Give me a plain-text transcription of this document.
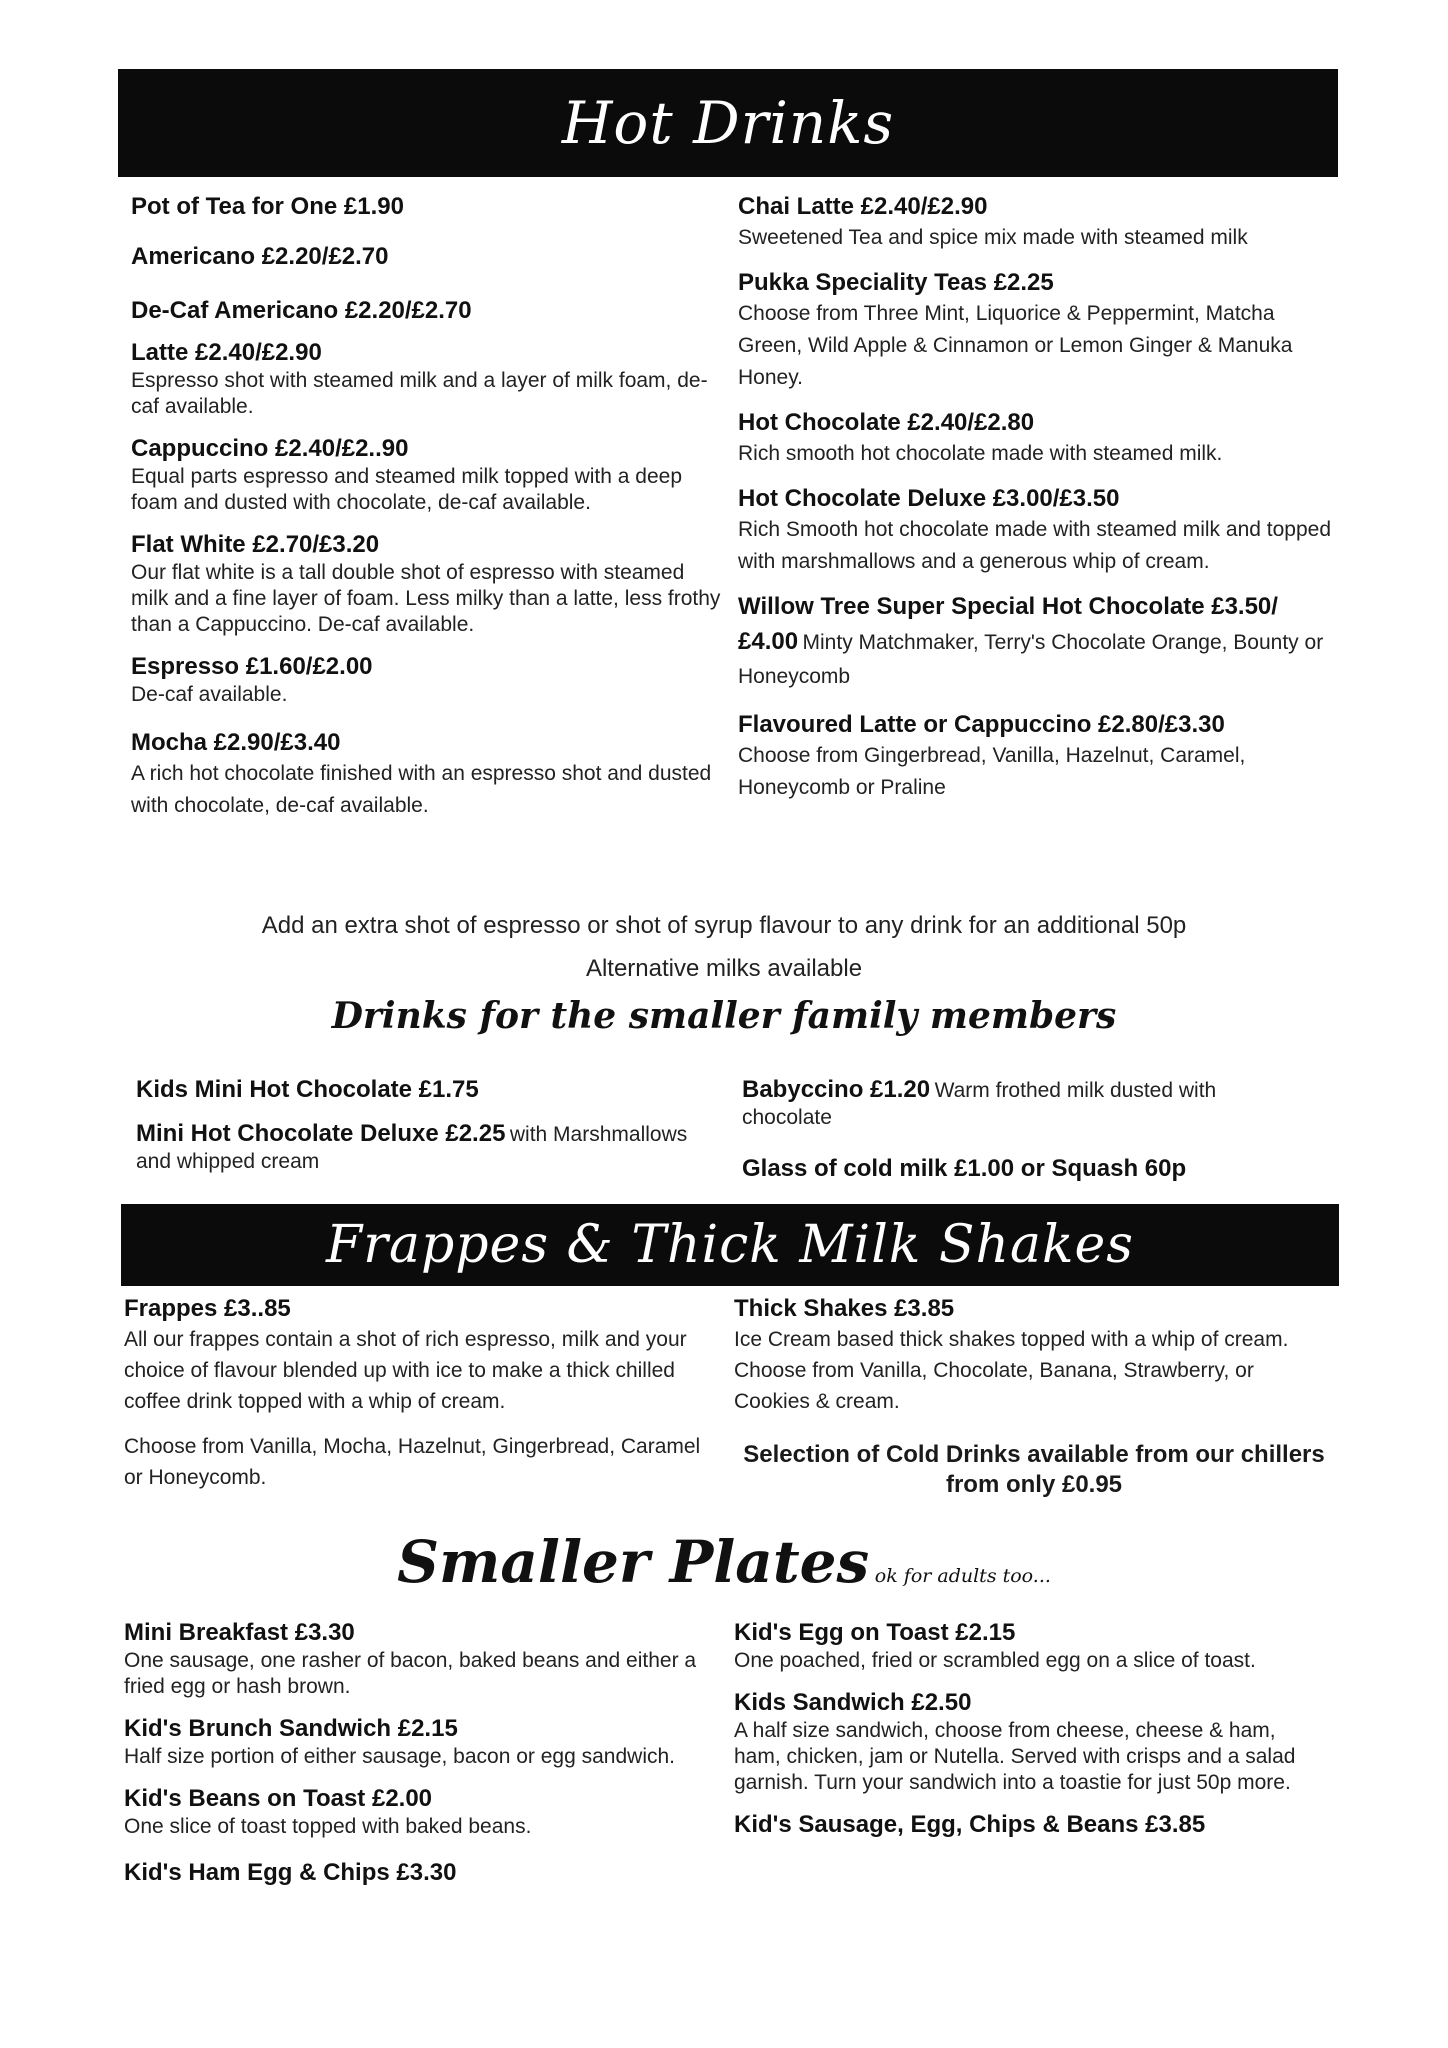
Hot Drinks
Pot of Tea for One £1.90
Americano £2.20/£2.70
De-Caf Americano £2.20/£2.70
Latte £2.40/£2.90
Espresso shot with steamed milk and a layer of milk foam, de-caf available.
Cappuccino £2.40/£2..90
Equal parts espresso and steamed milk topped with a deep foam and dusted with chocolate, de-caf available.
Flat White £2.70/£3.20
Our flat white is a tall double shot of espresso with steamed milk and a fine layer of foam. Less milky than a latte, less frothy than a Cappuccino. De-caf available.
Espresso £1.60/£2.00
De-caf available.
Mocha £2.90/£3.40
A rich hot chocolate finished with an espresso shot and dusted with chocolate, de-caf available.
Chai Latte £2.40/£2.90
Sweetened Tea and spice mix made with steamed milk
Pukka Speciality Teas £2.25
Choose from Three Mint, Liquorice & Peppermint, Matcha Green, Wild Apple & Cinnamon or Lemon Ginger & Manuka Honey.
Hot Chocolate £2.40/£2.80
Rich smooth hot chocolate made with steamed milk.
Hot Chocolate Deluxe £3.00/£3.50
Rich Smooth hot chocolate made with steamed milk and topped with marshmallows and a generous whip of cream.
Willow Tree Super Special Hot Chocolate £3.50/ £4.00 Minty Matchmaker, Terry's Chocolate Orange, Bounty or Honeycomb
Flavoured Latte or Cappuccino £2.80/£3.30
Choose from Gingerbread, Vanilla, Hazelnut, Caramel, Honeycomb or Praline
Add an extra shot of espresso or shot of syrup flavour to any drink for an additional 50p
Alternative milks available
Drinks for the smaller family members
Kids Mini Hot Chocolate £1.75
Mini Hot Chocolate Deluxe £2.25 with Marshmallows and whipped cream
Babyccino £1.20 Warm frothed milk dusted with chocolate
Glass of cold milk £1.00 or Squash 60p
Frappes & Thick Milk Shakes
Frappes £3..85
All our frappes contain a shot of rich espresso, milk and your choice of flavour blended up with ice to make a thick chilled coffee drink topped with a whip of cream.
Choose from Vanilla, Mocha, Hazelnut, Gingerbread, Caramel or Honeycomb.
Thick Shakes £3.85
Ice Cream based thick shakes topped with a whip of cream. Choose from Vanilla, Chocolate, Banana, Strawberry, or Cookies & cream.
Selection of Cold Drinks available from our chillers from only £0.95
Smaller Plates ok for adults too...
Mini Breakfast £3.30
One sausage, one rasher of bacon, baked beans and either a fried egg or hash brown.
Kid's Brunch Sandwich £2.15
Half size portion of either sausage, bacon or egg sandwich.
Kid's Beans on Toast £2.00
One slice of toast topped with baked beans.
Kid's Ham Egg & Chips £3.30
Kid's Egg on Toast £2.15
One poached, fried or scrambled egg on a slice of toast.
Kids Sandwich £2.50
A half size sandwich, choose from cheese, cheese & ham, ham, chicken, jam or Nutella. Served with crisps and a salad garnish. Turn your sandwich into a toastie for just 50p more.
Kid's Sausage, Egg, Chips & Beans £3.85
